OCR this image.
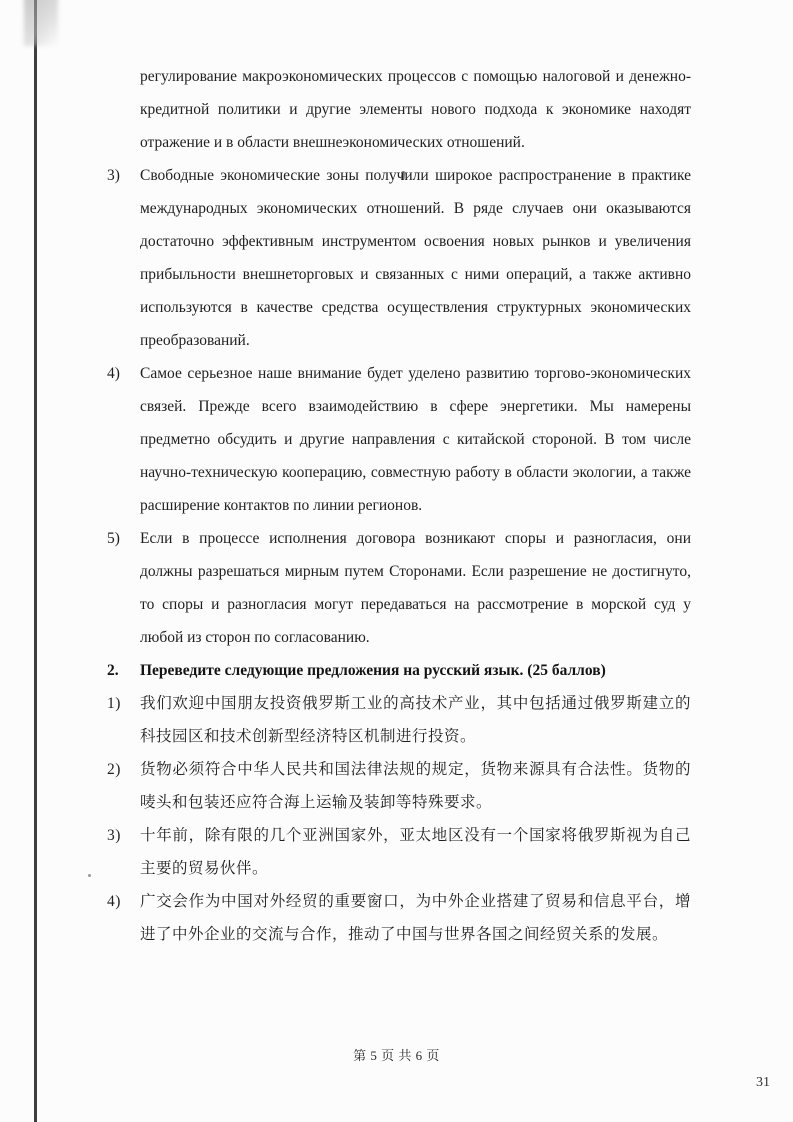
регулирование макроэкономических процессов с помощью налоговой и денежно-кредитной политики и другие элементы нового подхода к экономике находят отражение и в области внешнеэкономических отношений.

3)	Свободные экономические зоны получили широкое распространение в практике международных экономических отношений. В ряде случаев они оказываются достаточно эффективным инструментом освоения новых рынков и увеличения прибыльности внешнеторговых и связанных с ними операций, а также активно используются в качестве средства осуществления структурных экономических преобразований.

4)	Самое серьезное наше внимание будет уделено развитию торгово-экономических связей. Прежде всего взаимодействию в сфере энергетики. Мы намерены предметно обсудить и другие направления с китайской стороной. В том числе научно-техническую кооперацию, совместную работу в области экологии, а также расширение контактов по линии регионов.

5)	Если в процессе исполнения договора возникают споры и разногласия, они должны разрешаться мирным путем Сторонами. Если разрешение не достигнуто, то споры и разногласия могут передаваться на рассмотрение в морской суд у любой из сторон по согласованию.

2.	Переведите следующие предложения на русский язык. (25 баллов)
1)	我们欢迎中国朋友投资俄罗斯工业的高技术产业，其中包括通过俄罗斯建立的科技园区和技术创新型经济特区机制进行投资。

2)	货物必须符合中华人民共和国法律法规的规定，货物来源具有合法性。货物的唛头和包装还应符合海上运输及装卸等特殊要求。

3)	十年前，除有限的几个亚洲国家外，亚太地区没有一个国家将俄罗斯视为自己主要的贸易伙伴。

4)	广交会作为中国对外经贸的重要窗口，为中外企业搭建了贸易和信息平台，增进了中外企业的交流与合作，推动了中国与世界各国之间经贸关系的发展。

第 5 页 共 6 页
31
